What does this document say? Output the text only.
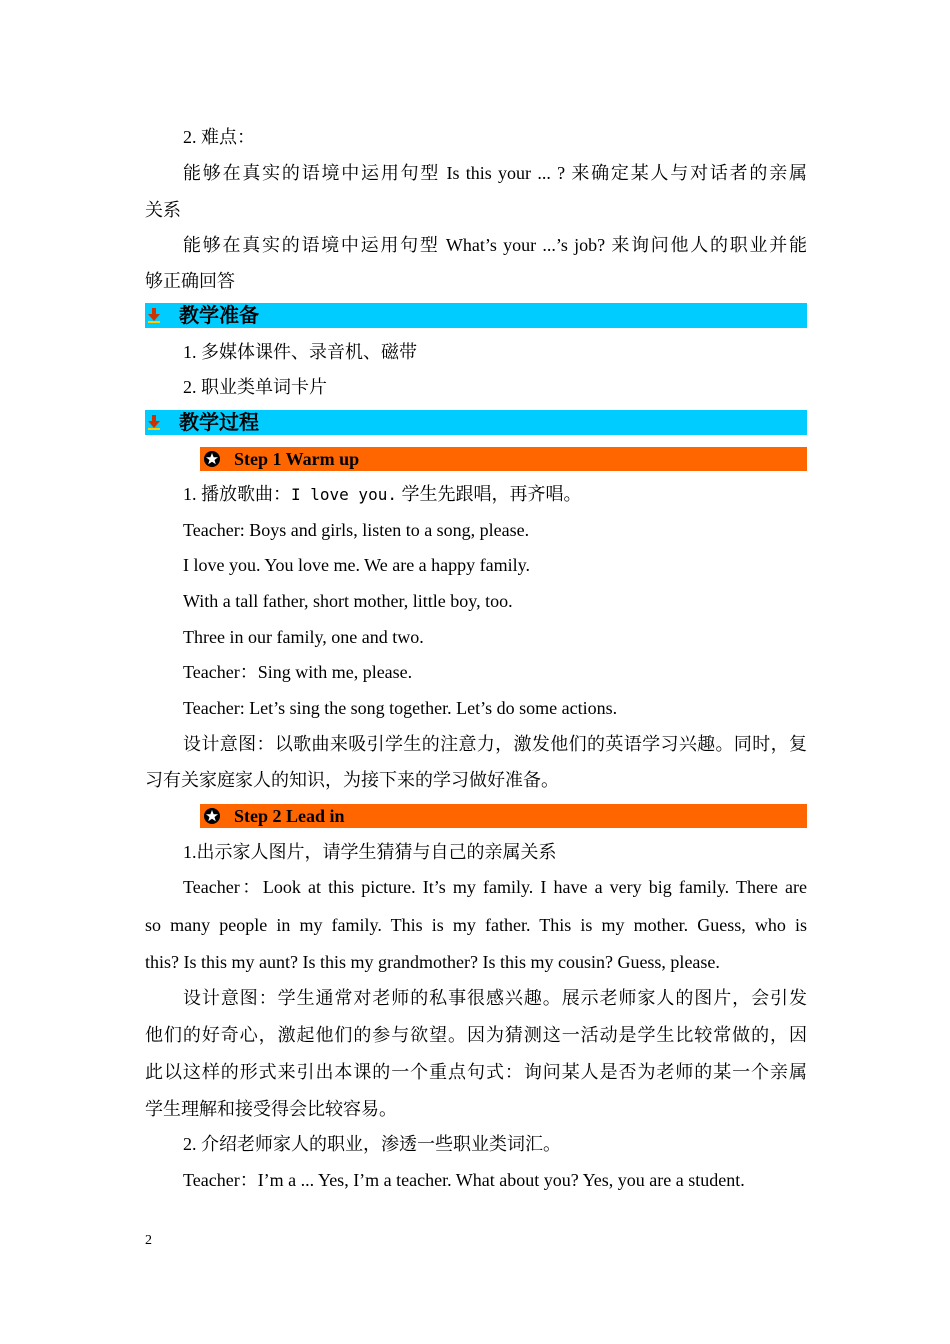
2. 难点：
能够在真实的语境中运用句型 Is this your ... ? 来确定某人与对话者的亲属
关系
能够在真实的语境中运用句型 What’s your ...’s job? 来询问他人的职业并能
够正确回答
教学准备
1. 多媒体课件、录音机、磁带
2. 职业类单词卡片
教学过程
Step 1 Warm up
1. 播放歌曲：I love you. 学生先跟唱，再齐唱。
Teacher: Boys and girls, listen to a song, please.
I love you. You love me. We are a happy family.
With a tall father, short mother, little boy, too.
Three in our family, one and two.
Teacher：Sing with me, please.
Teacher: Let’s sing the song together. Let’s do some actions.
设计意图：以歌曲来吸引学生的注意力，激发他们的英语学习兴趣。同时，复
习有关家庭家人的知识，为接下来的学习做好准备。
Step 2 Lead in
1.出示家人图片，请学生猜猜与自己的亲属关系
Teacher：Look at this picture. It’s my family. I have a very big family. There are
so many people in my family. This is my father. This is my mother. Guess, who is
this? Is this my aunt? Is this my grandmother? Is this my cousin? Guess, please.
设计意图：学生通常对老师的私事很感兴趣。展示老师家人的图片，会引发
他们的好奇心，激起他们的参与欲望。因为猜测这一活动是学生比较常做的，因
此以这样的形式来引出本课的一个重点句式：询问某人是否为老师的某一个亲属
学生理解和接受得会比较容易。
2. 介绍老师家人的职业，渗透一些职业类词汇。
Teacher：I’m a ... Yes, I’m a teacher. What about you? Yes, you are a student.
2
